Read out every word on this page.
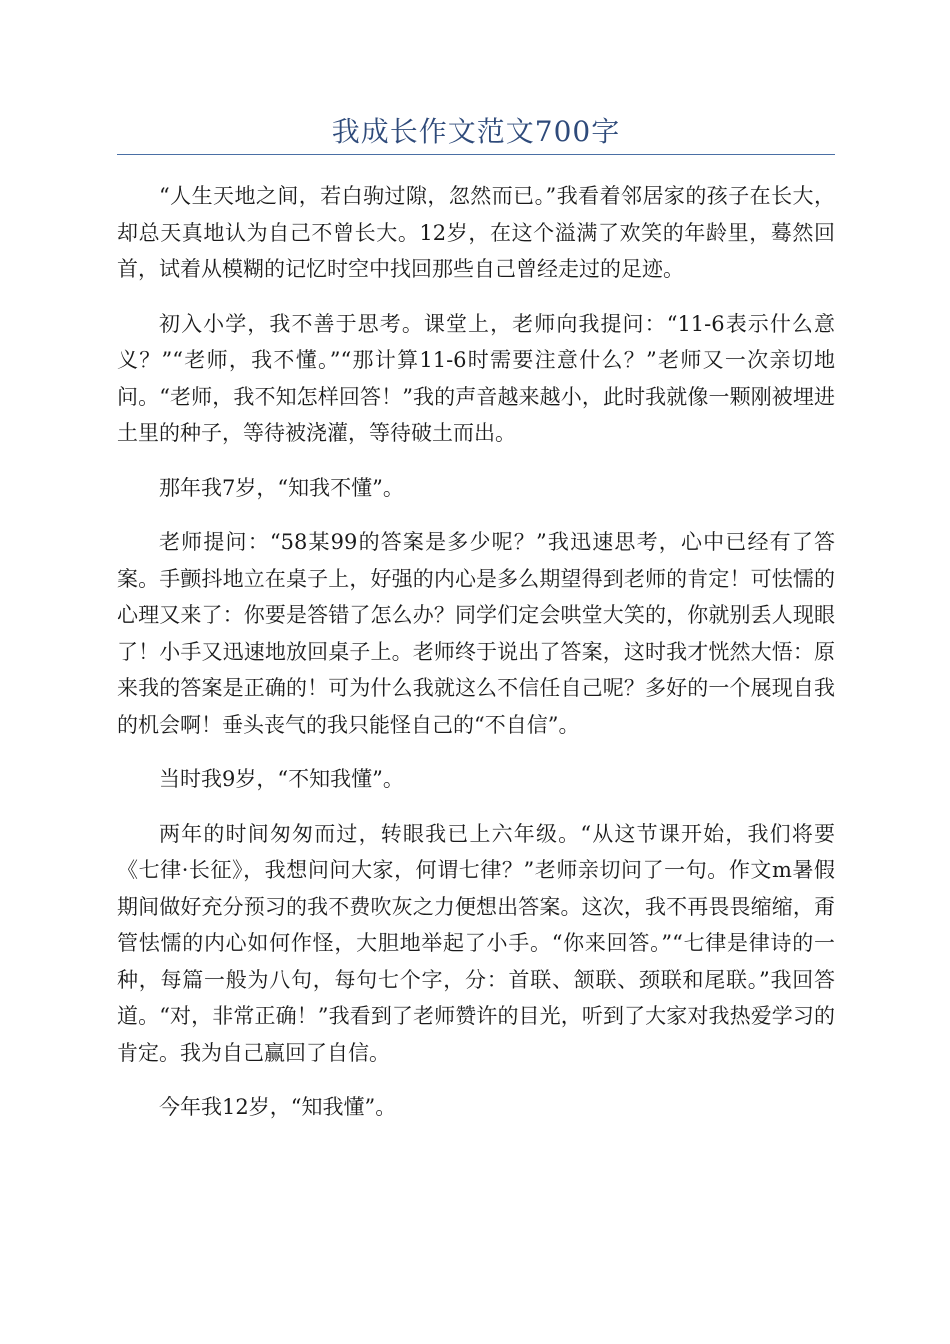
我成长作文范文700字

“人生天地之间，若白驹过隙，忽然而已。”我看着邻居家的孩子在长大，却总天真地认为自己不曾长大。12岁，在这个溢满了欢笑的年龄里，蓦然回首，试着从模糊的记忆时空中找回那些自己曾经走过的足迹。

初入小学，我不善于思考。课堂上，老师向我提问：“11-6表示什么意义？”“老师，我不懂。”“那计算11-6时需要注意什么？”老师又一次亲切地问。“老师，我不知怎样回答！”我的声音越来越小，此时我就像一颗刚被埋进土里的种子，等待被浇灌，等待破土而出。

那年我7岁，“知我不懂”。

老师提问：“58某99的答案是多少呢？”我迅速思考，心中已经有了答案。手颤抖地立在桌子上，好强的内心是多么期望得到老师的肯定！可怯懦的心理又来了：你要是答错了怎么办？同学们定会哄堂大笑的，你就别丢人现眼了！小手又迅速地放回桌子上。老师终于说出了答案，这时我才恍然大悟：原来我的答案是正确的！可为什么我就这么不信任自己呢？多好的一个展现自我的机会啊！垂头丧气的我只能怪自己的“不自信”。

当时我9岁，“不知我懂”。

两年的时间匆匆而过，转眼我已上六年级。“从这节课开始，我们将要《七律·长征》，我想问问大家，何谓七律？”老师亲切问了一句。作文m暑假期间做好充分预习的我不费吹灰之力便想出答案。这次，我不再畏畏缩缩，甭管怯懦的内心如何作怪，大胆地举起了小手。“你来回答。”“七律是律诗的一种，每篇一般为八句，每句七个字，分：首联、颔联、颈联和尾联。”我回答道。“对，非常正确！”我看到了老师赞许的目光，听到了大家对我热爱学习的肯定。我为自己赢回了自信。

今年我12岁，“知我懂”。
